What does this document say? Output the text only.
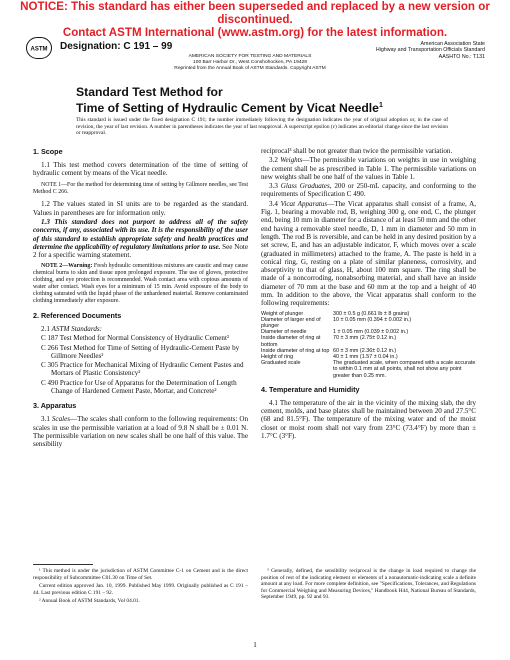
NOTICE: This standard has either been superseded and replaced by a new version or discontinued.
Contact ASTM International (www.astm.org) for the latest information.
ASTM Designation: C 191 – 99
AMERICAN SOCIETY FOR TESTING AND MATERIALS
100 Barr Harbor Dr., West Conshohocken, PA 19428
Reprinted from the Annual Book of ASTM Standards. Copyright ASTM
American Association State
Highway and Transportation Officials Standard
AASHTO No.: T131
Standard Test Method for
Time of Setting of Hydraulic Cement by Vicat Needle$^1$
This standard is issued under the fixed designation C 191; the number immediately following the designation indicates the year of original adoption or, in the case of revision, the year of last revision. A number in parentheses indicates the year of last reapproval. A superscript epsilon (ε) indicates an editorial change since the last revision or reapproval.
1. Scope
1.1 This test method covers determination of the time of setting of hydraulic cement by means of the Vicat needle.
NOTE 1—For the method for determining time of setting by Gillmore needles, see Test Method C 266.
1.2 The values stated in SI units are to be regarded as the standard. Values in parentheses are for information only.
1.3 This standard does not purport to address all of the safety concerns, if any, associated with its use. It is the responsibility of the user of this standard to establish appropriate safety and health practices and determine the applicability of regulatory limitations prior to use. See Note 2 for a specific warning statement.
NOTE 2—Warning: Fresh hydraulic cementitious mixtures are caustic and may cause chemical burns to skin and tissue upon prolonged exposure. The use of gloves, protective clothing, and eye protection is recommended. Wash contact area with copious amounts of water after contact. Wash eyes for a minimum of 15 min. Avoid exposure of the body to clothing saturated with the liquid phase of the unhardened material. Remove contaminated clothing immediately after exposure.
2. Referenced Documents
2.1 ASTM Standards:
C 187 Test Method for Normal Consistency of Hydraulic Cement²
C 266 Test Method for Time of Setting of Hydraulic-Cement Paste by Gillmore Needles²
C 305 Practice for Mechanical Mixing of Hydraulic Cement Pastes and Mortars of Plastic Consistency²
C 490 Practice for Use of Apparatus for the Determination of Length Change of Hardened Cement Paste, Mortar, and Concrete²
3. Apparatus
3.1 Scales—The scales shall conform to the following requirements: On scales in use the permissible variation at a load of 9.8 N shall be ± 0.01 N. The permissible variation on new scales shall be one half of this value. The sensibility
reciprocal³ shall be not greater than twice the permissible variation.
3.2 Weights—The permissible variations on weights in use in weighing the cement shall be as prescribed in Table 1. The permissible variations on new weights shall be one half of the values in Table 1.
3.3 Glass Graduates, 200 or 250-mL capacity, and conforming to the requirements of Specification C 490.
3.4 Vicat Apparatus—The Vicat apparatus shall consist of a frame, A, Fig. 1, bearing a movable rod, B, weighing 300 g, one end, C, the plunger end, being 10 mm in diameter for a distance of at least 50 mm and the other end having a removable steel needle, D, 1 mm in diameter and 50 mm in length. The rod B is reversible, and can be held in any desired position by a set screw, E, and has an adjustable indicator, F, which moves over a scale (graduated in millimeters) attached to the frame, A. The paste is held in a conical ring, G, resting on a plate of similar planeness, corrosivity, and absorptivity to that of glass, H, about 100 mm square. The ring shall be made of a noncorroding, nonabsorbing material, and shall have an inside diameter of 70 mm at the base and 60 mm at the top and a height of 40 mm. In addition to the above, the Vicat apparatus shall conform to the following requirements:
Weight of plunger	300 ± 0.5 g (0.661 lb ± 8 grains)
Diameter of larger end of plunger	10 ± 0.05 mm (0.394 ± 0.002 in.)
Diameter of needle	1 ± 0.05 mm (0.039 ± 0.002 in.)
Inside diameter of ring at bottom	70 ± 3 mm (2.75± 0.12 in.)
Inside diameter of ring at top	60 ± 3 mm (2.36± 0.12 in.)
Height of ring	40 ± 1 mm (1.57 ± 0.04 in.)
Graduated scale	The graduated scale, when compared with a scale accurate to within 0.1 mm at all points, shall not show any point greater than 0.25 mm.
4. Temperature and Humidity
4.1 The temperature of the air in the vicinity of the mixing slab, the dry cement, molds, and base plates shall be maintained between 20 and 27.5°C (68 and 81.5°F). The temperature of the mixing water and of the moist closet or moist room shall not vary from 23°C (73.4°F) by more than ± 1.7°C (3°F).

¹ This method is under the jurisdiction of ASTM Committee C-1 on Cement and is the direct responsibility of Subcommittee C01.30 on Time of Set.

Current edition approved Jan. 10, 1999. Published May 1999. Originally published as C 191 – 44. Last previous edition C 191 – 92.

² Annual Book of ASTM Standards, Vol 04.01.

³ Generally, defined, the sensibility reciprocal is the change in load required to change the position of rest of the indicating element or elements of a nonautomatic-indicating scale a definite amount at any load. For more complete definition, see "Specifications, Tolerances, and Regulations for Commercial Weighing and Measuring Devices," Handbook H44, National Bureau of Standards, September 1949, pp. 92 and 93.

1
